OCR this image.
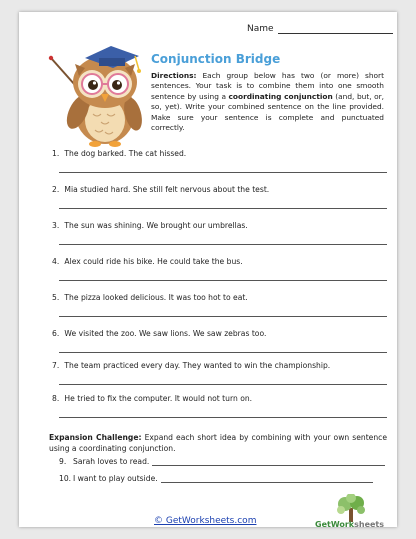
Name
Conjunction Bridge
Directions: Each group below has two (or more) short sentences. Your task is to combine them into one smooth sentence by using a coordinating conjunction (and, but, or, so, yet). Write your combined sentence on the line provided. Make sure your sentence is complete and punctuated correctly.
1. The dog barked. The cat hissed.
2. Mia studied hard. She still felt nervous about the test.
3. The sun was shining. We brought our umbrellas.
4. Alex could ride his bike. He could take the bus.
5. The pizza looked delicious. It was too hot to eat.
6. We visited the zoo. We saw lions. We saw zebras too.
7. The team practiced every day. They wanted to win the championship.
8. He tried to fix the computer. It would not turn on.
Expansion Challenge: Expand each short idea by combining with your own sentence using a coordinating conjunction.
9. Sarah loves to read.
10. I want to play outside.
© GetWorksheets.com	GetWorksheets
